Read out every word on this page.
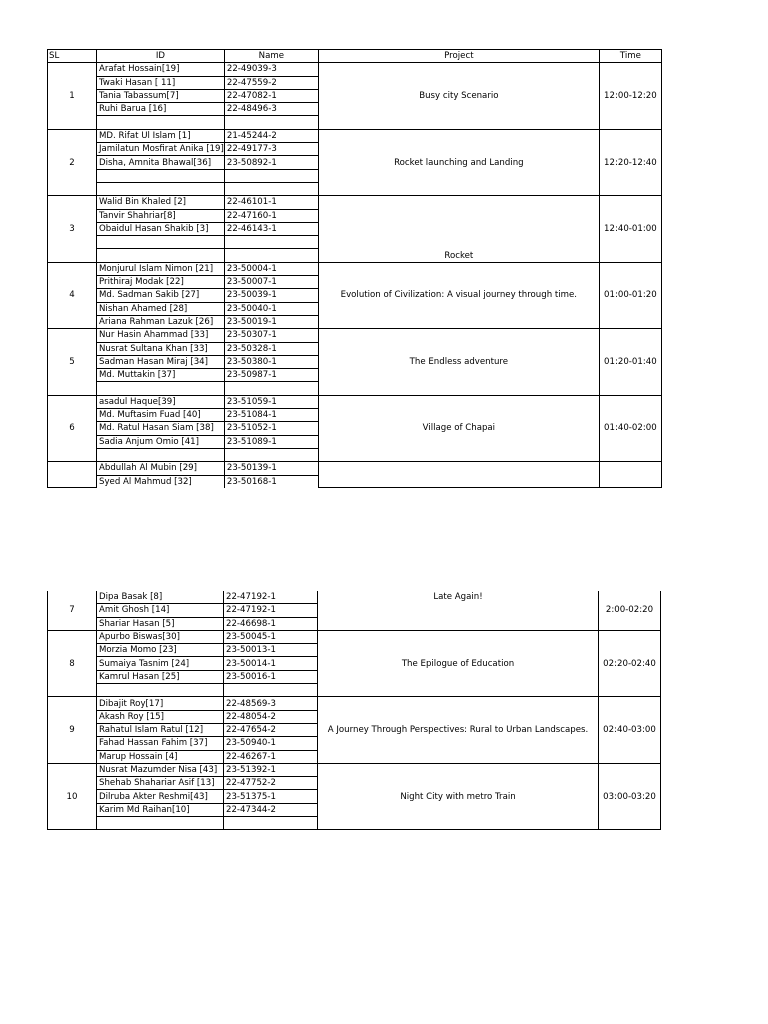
SL	ID	Name	Project	Time
1	Arafat Hossain[19]	22-49039-3	Busy city Scenario	12:00-12:20
	Twaki Hasan [ 11]	22-47559-2		
	Tania Tabassum[7]	22-47082-1		
	Ruhi Barua [16]	22-48496-3		

2	MD. Rifat Ul Islam [1]	21-45244-2	Rocket launching and Landing	12:20-12:40
	Jamilatun Mosfirat Anika [19]	22-49177-3		
	Disha, Amnita Bhawal[36]	23-50892-1		

3	Walid Bin Khaled [2]	22-46101-1	Rocket	12:40-01:00
	Tanvir Shahriar[8]	22-47160-1		
	Obaidul Hasan Shakib [3]	22-46143-1		

4	Monjurul Islam Nimon [21]	23-50004-1	Evolution of Civilization: A visual journey through time.	01:00-01:20
	Prithiraj Modak [22]	23-50007-1		
	Md. Sadman Sakib [27]	23-50039-1		
	Nishan Ahamed [28]	23-50040-1		
	Ariana Rahman Lazuk [26]	23-50019-1		
5	Nur Hasin Ahammad [33]	23-50307-1	The Endless adventure	01:20-01:40
	Nusrat Sultana Khan [33]	23-50328-1		
	Sadman Hasan Miraj [34]	23-50380-1		
	Md. Muttakin [37]	23-50987-1		

6	asadul Haque[39]	23-51059-1	Village of Chapai	01:40-02:00
	Md. Muftasim Fuad [40]	23-51084-1		
	Md. Ratul Hasan Siam [38]	23-51052-1		
	Sadia Anjum Omio [41]	23-51089-1		

	Abdullah Al Mubin [29]	23-50139-1		
	Syed Al Mahmud [32]	23-50168-1		
7	Dipa Basak [8]	22-47192-1	Late Again!	2:00-02:20
	Amit Ghosh [14]	22-47192-1		
	Shariar Hasan [5]	22-46698-1		
8	Apurbo Biswas[30]	23-50045-1	The Epilogue of Education	02:20-02:40
	Morzia Momo [23]	23-50013-1		
	Sumaiya Tasnim [24]	23-50014-1		
	Kamrul Hasan [25]	23-50016-1		

9	Dibajit Roy[17]	22-48569-3	A Journey Through Perspectives: Rural to Urban Landscapes.	02:40-03:00
	Akash Roy [15]	22-48054-2		
	Rahatul Islam Ratul [12]	22-47654-2		
	Fahad Hassan Fahim [37]	23-50940-1		
	Marup Hossain [4]	22-46267-1		
10	Nusrat Mazumder Nisa [43]	23-51392-1	Night City with metro Train	03:00-03:20
	Shehab Shahariar Asif [13]	22-47752-2		
	Dilruba Akter Reshmi[43]	23-51375-1		
	Karim Md Raihan[10]	22-47344-2		
